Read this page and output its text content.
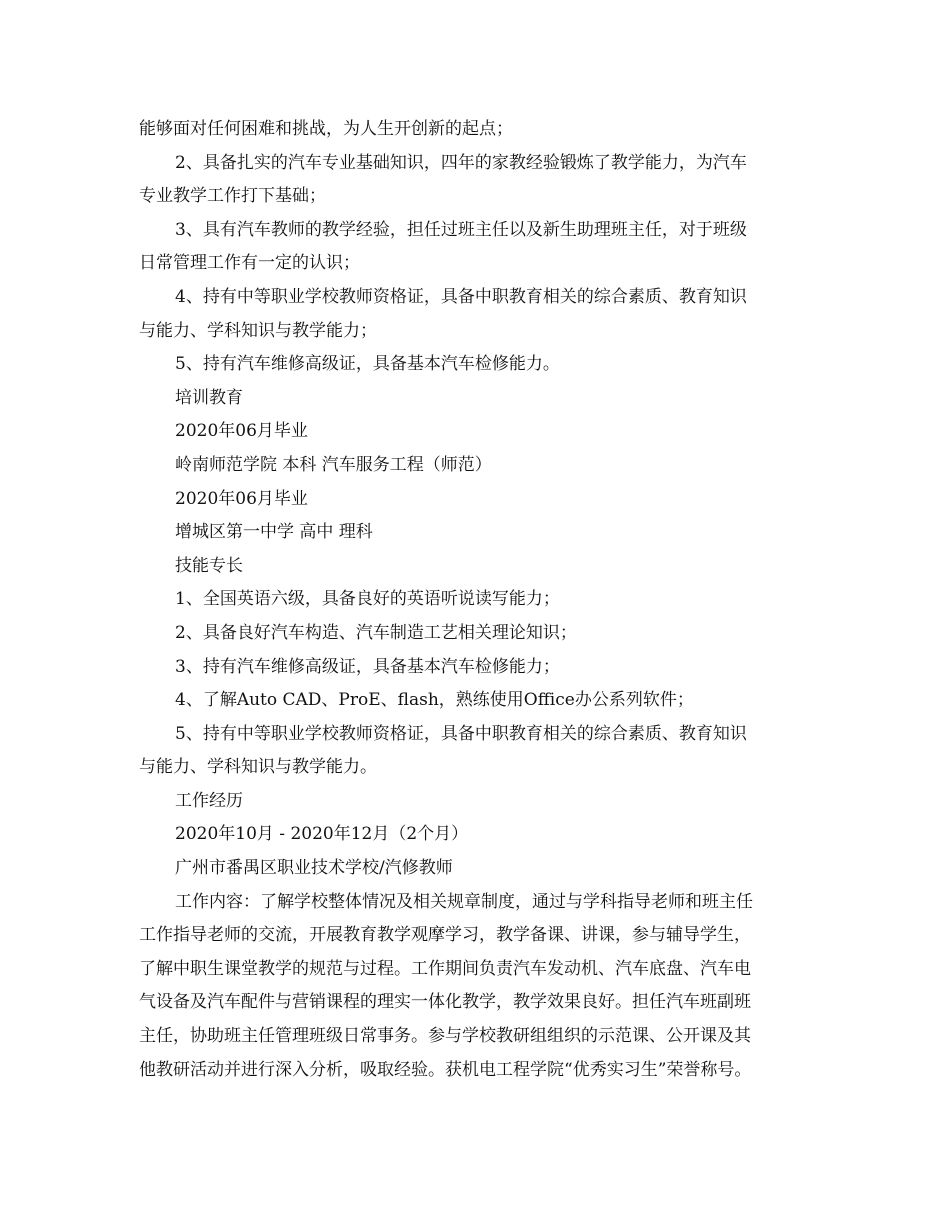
能够面对任何困难和挑战，为人生开创新的起点；

2、具备扎实的汽车专业基础知识，四年的家教经验锻炼了教学能力，为汽车

专业教学工作打下基础；

3、具有汽车教师的教学经验，担任过班主任以及新生助理班主任，对于班级

日常管理工作有一定的认识；

4、持有中等职业学校教师资格证，具备中职教育相关的综合素质、教育知识

与能力、学科知识与教学能力；

5、持有汽车维修高级证，具备基本汽车检修能力。

培训教育

2020年06月毕业

岭南师范学院 本科 汽车服务工程（师范）

2020年06月毕业

增城区第一中学 高中 理科

技能专长

1、全国英语六级，具备良好的英语听说读写能力；

2、具备良好汽车构造、汽车制造工艺相关理论知识；

3、持有汽车维修高级证，具备基本汽车检修能力；

4、了解Auto CAD、ProE、flash，熟练使用Office办公系列软件；

5、持有中等职业学校教师资格证，具备中职教育相关的综合素质、教育知识

与能力、学科知识与教学能力。

工作经历

2020年10月 - 2020年12月（2个月）

广州市番禺区职业技术学校/汽修教师

工作内容：了解学校整体情况及相关规章制度，通过与学科指导老师和班主任

工作指导老师的交流，开展教育教学观摩学习，教学备课、讲课，参与辅导学生，

了解中职生课堂教学的规范与过程。工作期间负责汽车发动机、汽车底盘、汽车电

气设备及汽车配件与营销课程的理实一体化教学，教学效果良好。担任汽车班副班

主任，协助班主任管理班级日常事务。参与学校教研组组织的示范课、公开课及其

他教研活动并进行深入分析，吸取经验。获机电工程学院“优秀实习生”荣誉称号。
